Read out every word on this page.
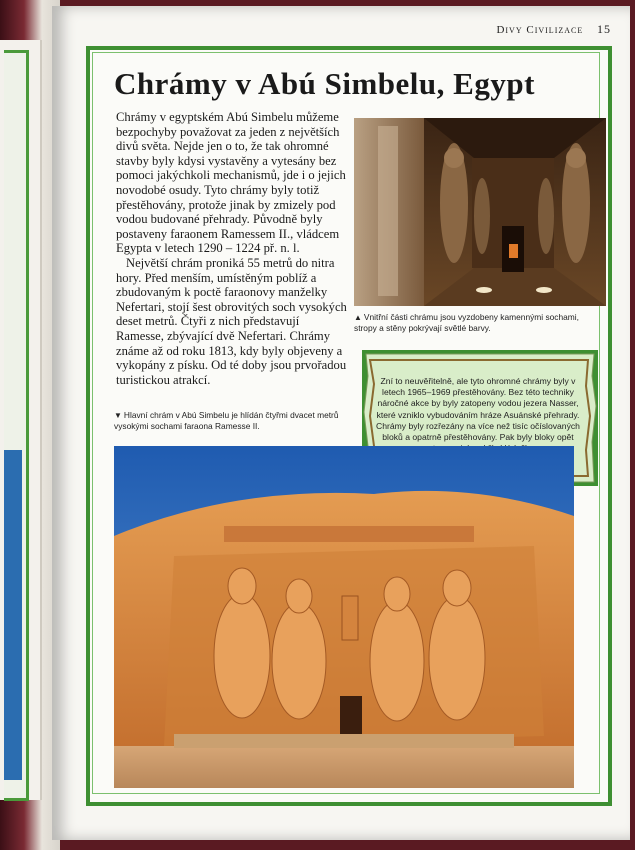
Divy Civilizace 15
Chrámy v Abú Simbelu, Egypt

Chrámy v egyptském Abú Simbelu můžeme bezpochyby považovat za jeden z největších divů světa. Nejde jen o to, že tak ohromné stavby byly kdysi vystavěny a vytesány bez pomoci jakýchkoli mechanismů, jde i o jejich novodobé osudy. Tyto chrámy byly totiž přestěhovány, protože jinak by zmizely pod vodou budované přehrady. Původně byly postaveny faraonem Ramessem II., vládcem Egypta v letech 1290 – 1224 př. n. l.

Největší chrám proniká 55 metrů do nitra hory. Před menším, umístěným poblíž a zbudovaným k poctě faraonovy manželky Nefertari, stojí šest obrovitých soch vysokých deset metrů. Čtyři z nich představují Ramesse, zbývající dvě Nefertari. Chrámy známe až od roku 1813, kdy byly objeveny a vykopány z písku. Od té doby jsou prvořadou turistickou atrakcí.

▲ Vnitřní části chrámu jsou vyzdobeny kamennými sochami, stropy a stěny pokrývají světlé barvy.

Zní to neuvěřitelně, ale tyto ohromné chrámy byly v letech 1965–1969 přestěhovány. Bez této techniky náročné akce by byly zatopeny vodou jezera Nasser, které vzniklo vybudováním hráze Asuánské přehrady. Chrámy byly rozřezány na více než tisíc očíslovaných bloků a opatrně přestěhovány. Pak byly bloky opět

▼ Hlavní chrám v Abú Simbelu je hlídán čtyřmi dvacet metrů vysokými sochami faraona Ramesse II.
